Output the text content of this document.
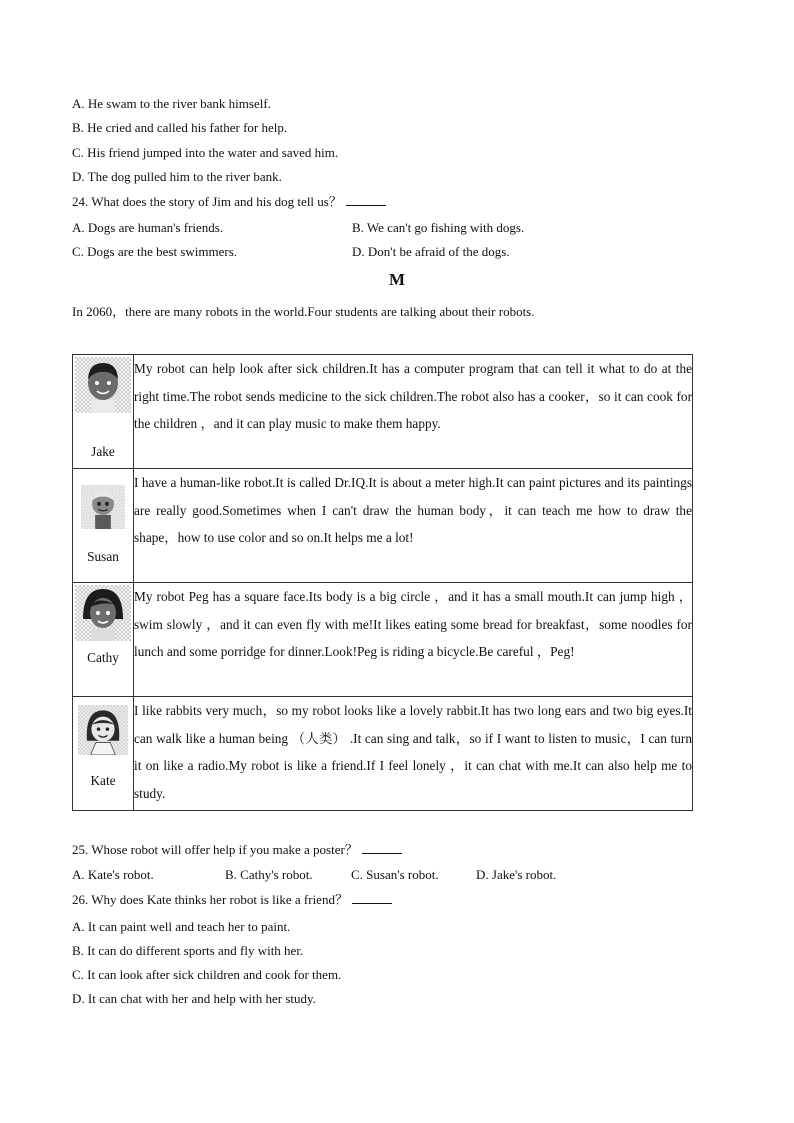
A. He swam to the river bank himself.
B. He cried and called his father for help.
C. His friend jumped into the water and saved him.
D. The dog pulled him to the river bank.
24. What does the story of Jim and his dog tell us？
A. Dogs are human's friends.	B. We can't go fishing with dogs.
C. Dogs are the best swimmers.	D. Don't be afraid of the dogs.
M
In 2060，there are many robots in the world.Four students are talking about their robots.
Jake	My robot can help look after sick children.It has a computer program that can tell it what to do at the right time.The robot sends medicine to the sick children.The robot also has a cooker，so it can cook for the children ，and it can play music to make them happy.

Susan	I have a human-like robot.It is called Dr.IQ.It is about a meter high.It can paint pictures and its paintings are really good.Sometimes when I can't draw the human body，it can teach me how to draw the shape，how to use color and so on.It helps me a lot!

Cathy	My robot Peg has a square face.Its body is a big circle ，and it has a small mouth.It can jump high ，swim slowly ，and it can even fly with me!It likes eating some bread for breakfast，some noodles for lunch and some porridge for dinner.Look!Peg is riding a bicycle.Be careful ，Peg!

Kate	I like rabbits very much，so my robot looks like a lovely rabbit.It has two long ears and two big eyes.It can walk like a human being （人类） .It can sing and talk，so if I want to listen to music，I can turn it on like a radio.My robot is like a friend.If I feel lonely ，it can chat with me.It can also help me to study.
25. Whose robot will offer help if you make a poster？
A. Kate's robot.	B. Cathy's robot.	C. Susan's robot.	D. Jake's robot.
26. Why does Kate thinks her robot is like a friend？
A. It can paint well and teach her to paint.
B. It can do different sports and fly with her.
C. It can look after sick children and cook for them.
D. It can chat with her and help with her study.
